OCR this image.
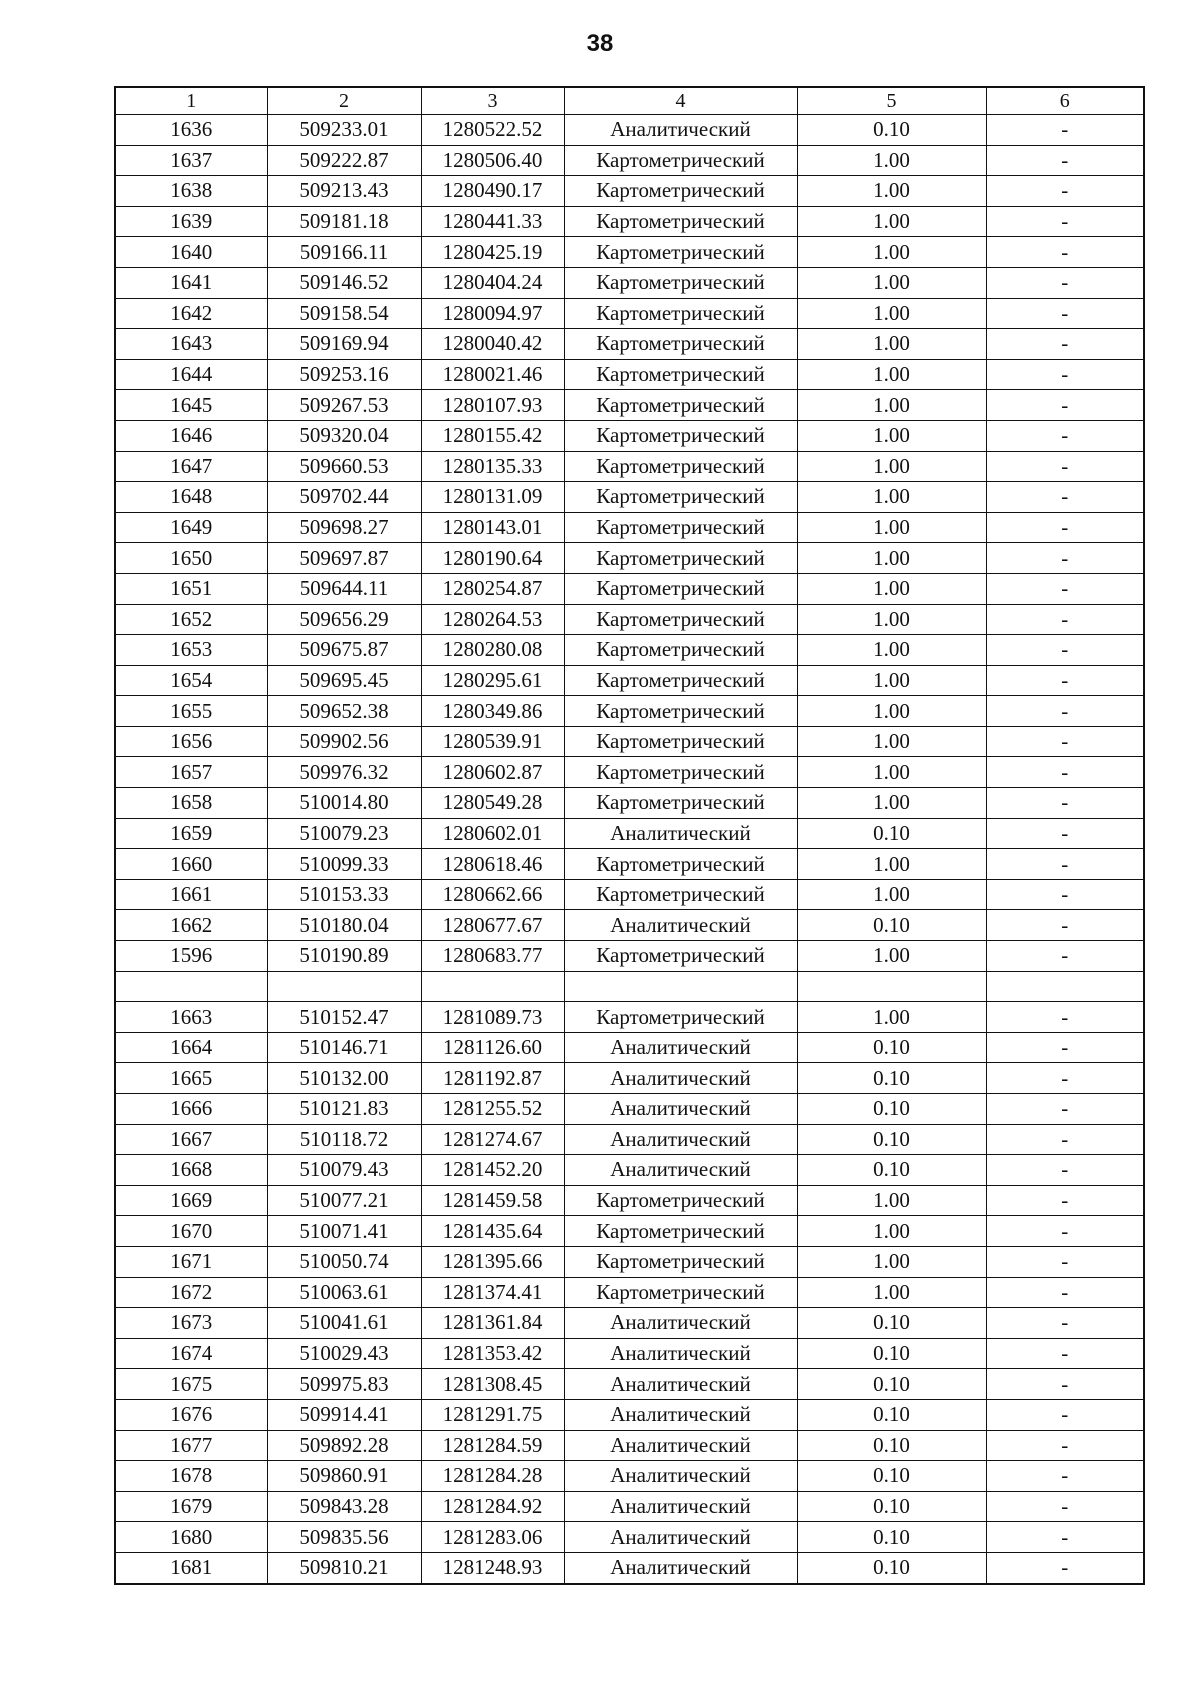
38
1	2	3	4	5	6
1636	509233.01	1280522.52	Аналитический	0.10	-
1637	509222.87	1280506.40	Картометрический	1.00	-
1638	509213.43	1280490.17	Картометрический	1.00	-
1639	509181.18	1280441.33	Картометрический	1.00	-
1640	509166.11	1280425.19	Картометрический	1.00	-
1641	509146.52	1280404.24	Картометрический	1.00	-
1642	509158.54	1280094.97	Картометрический	1.00	-
1643	509169.94	1280040.42	Картометрический	1.00	-
1644	509253.16	1280021.46	Картометрический	1.00	-
1645	509267.53	1280107.93	Картометрический	1.00	-
1646	509320.04	1280155.42	Картометрический	1.00	-
1647	509660.53	1280135.33	Картометрический	1.00	-
1648	509702.44	1280131.09	Картометрический	1.00	-
1649	509698.27	1280143.01	Картометрический	1.00	-
1650	509697.87	1280190.64	Картометрический	1.00	-
1651	509644.11	1280254.87	Картометрический	1.00	-
1652	509656.29	1280264.53	Картометрический	1.00	-
1653	509675.87	1280280.08	Картометрический	1.00	-
1654	509695.45	1280295.61	Картометрический	1.00	-
1655	509652.38	1280349.86	Картометрический	1.00	-
1656	509902.56	1280539.91	Картометрический	1.00	-
1657	509976.32	1280602.87	Картометрический	1.00	-
1658	510014.80	1280549.28	Картометрический	1.00	-
1659	510079.23	1280602.01	Аналитический	0.10	-
1660	510099.33	1280618.46	Картометрический	1.00	-
1661	510153.33	1280662.66	Картометрический	1.00	-
1662	510180.04	1280677.67	Аналитический	0.10	-
1596	510190.89	1280683.77	Картометрический	1.00	-

1663	510152.47	1281089.73	Картометрический	1.00	-
1664	510146.71	1281126.60	Аналитический	0.10	-
1665	510132.00	1281192.87	Аналитический	0.10	-
1666	510121.83	1281255.52	Аналитический	0.10	-
1667	510118.72	1281274.67	Аналитический	0.10	-
1668	510079.43	1281452.20	Аналитический	0.10	-
1669	510077.21	1281459.58	Картометрический	1.00	-
1670	510071.41	1281435.64	Картометрический	1.00	-
1671	510050.74	1281395.66	Картометрический	1.00	-
1672	510063.61	1281374.41	Картометрический	1.00	-
1673	510041.61	1281361.84	Аналитический	0.10	-
1674	510029.43	1281353.42	Аналитический	0.10	-
1675	509975.83	1281308.45	Аналитический	0.10	-
1676	509914.41	1281291.75	Аналитический	0.10	-
1677	509892.28	1281284.59	Аналитический	0.10	-
1678	509860.91	1281284.28	Аналитический	0.10	-
1679	509843.28	1281284.92	Аналитический	0.10	-
1680	509835.56	1281283.06	Аналитический	0.10	-
1681	509810.21	1281248.93	Аналитический	0.10	-
